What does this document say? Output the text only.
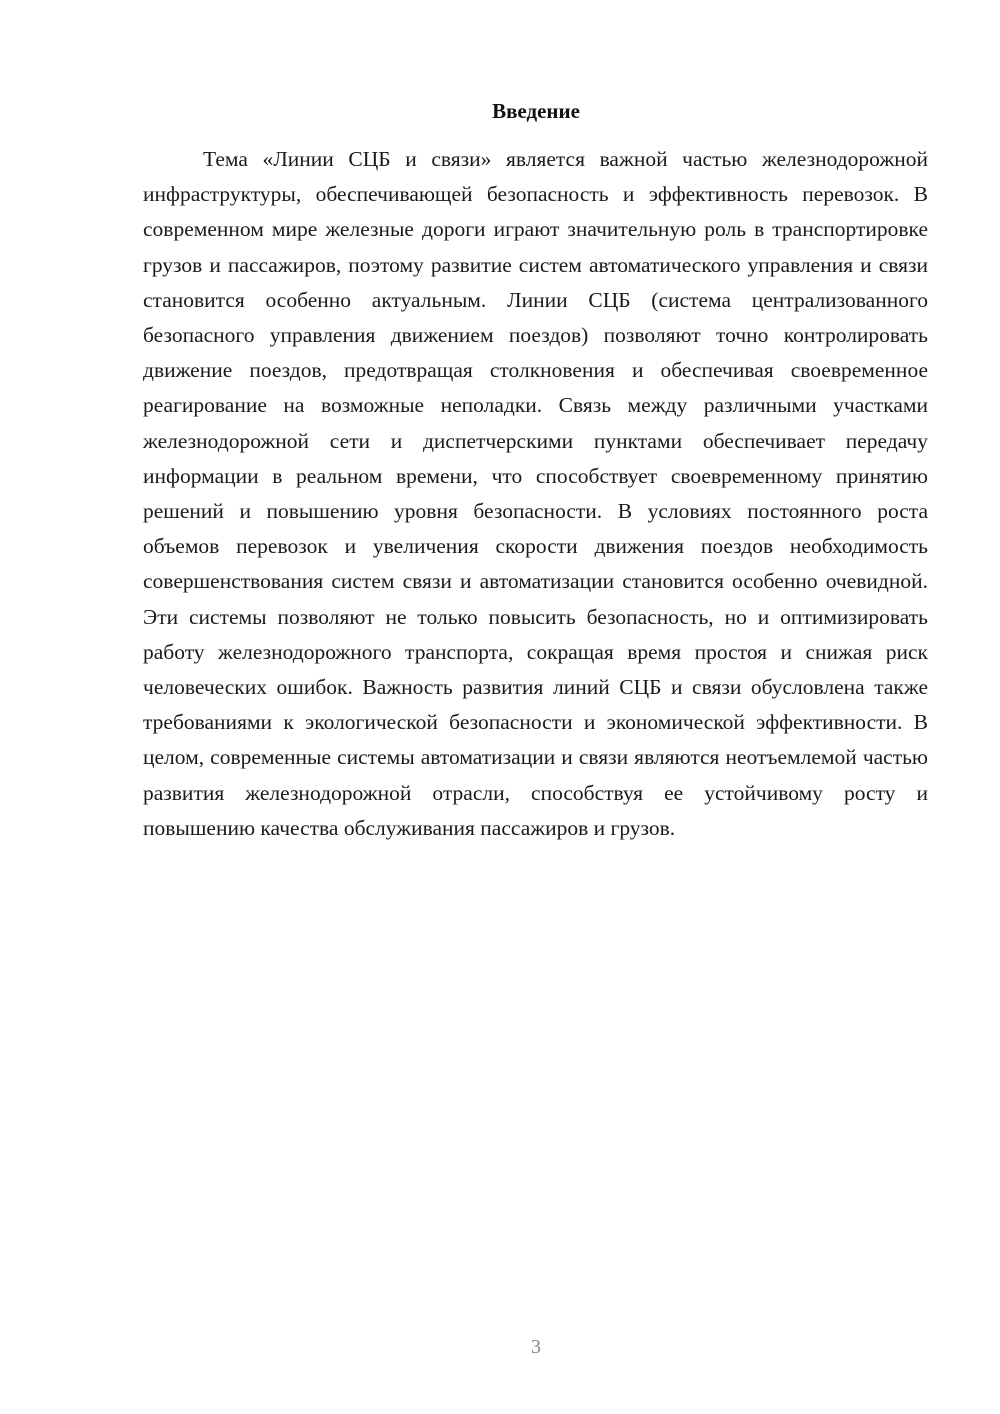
Введение

Тема «Линии СЦБ и связи» является важной частью железнодорожной инфраструктуры, обеспечивающей безопасность и эффективность перевозок. В современном мире железные дороги играют значительную роль в транспортировке грузов и пассажиров, поэтому развитие систем автоматического управления и связи становится особенно актуальным. Линии СЦБ (система централизованного безопасного управления движением поездов) позволяют точно контролировать движение поездов, предотвращая столкновения и обеспечивая своевременное реагирование на возможные неполадки. Связь между различными участками железнодорожной сети и диспетчерскими пунктами обеспечивает передачу информации в реальном времени, что способствует своевременному принятию решений и повышению уровня безопасности. В условиях постоянного роста объемов перевозок и увеличения скорости движения поездов необходимость совершенствования систем связи и автоматизации становится особенно очевидной. Эти системы позволяют не только повысить безопасность, но и оптимизировать работу железнодорожного транспорта, сокращая время простоя и снижая риск человеческих ошибок. Важность развития линий СЦБ и связи обусловлена также требованиями к экологической безопасности и экономической эффективности. В целом, современные системы автоматизации и связи являются неотъемлемой частью развития железнодорожной отрасли, способствуя ее устойчивому росту и повышению качества обслуживания пассажиров и грузов.

3
